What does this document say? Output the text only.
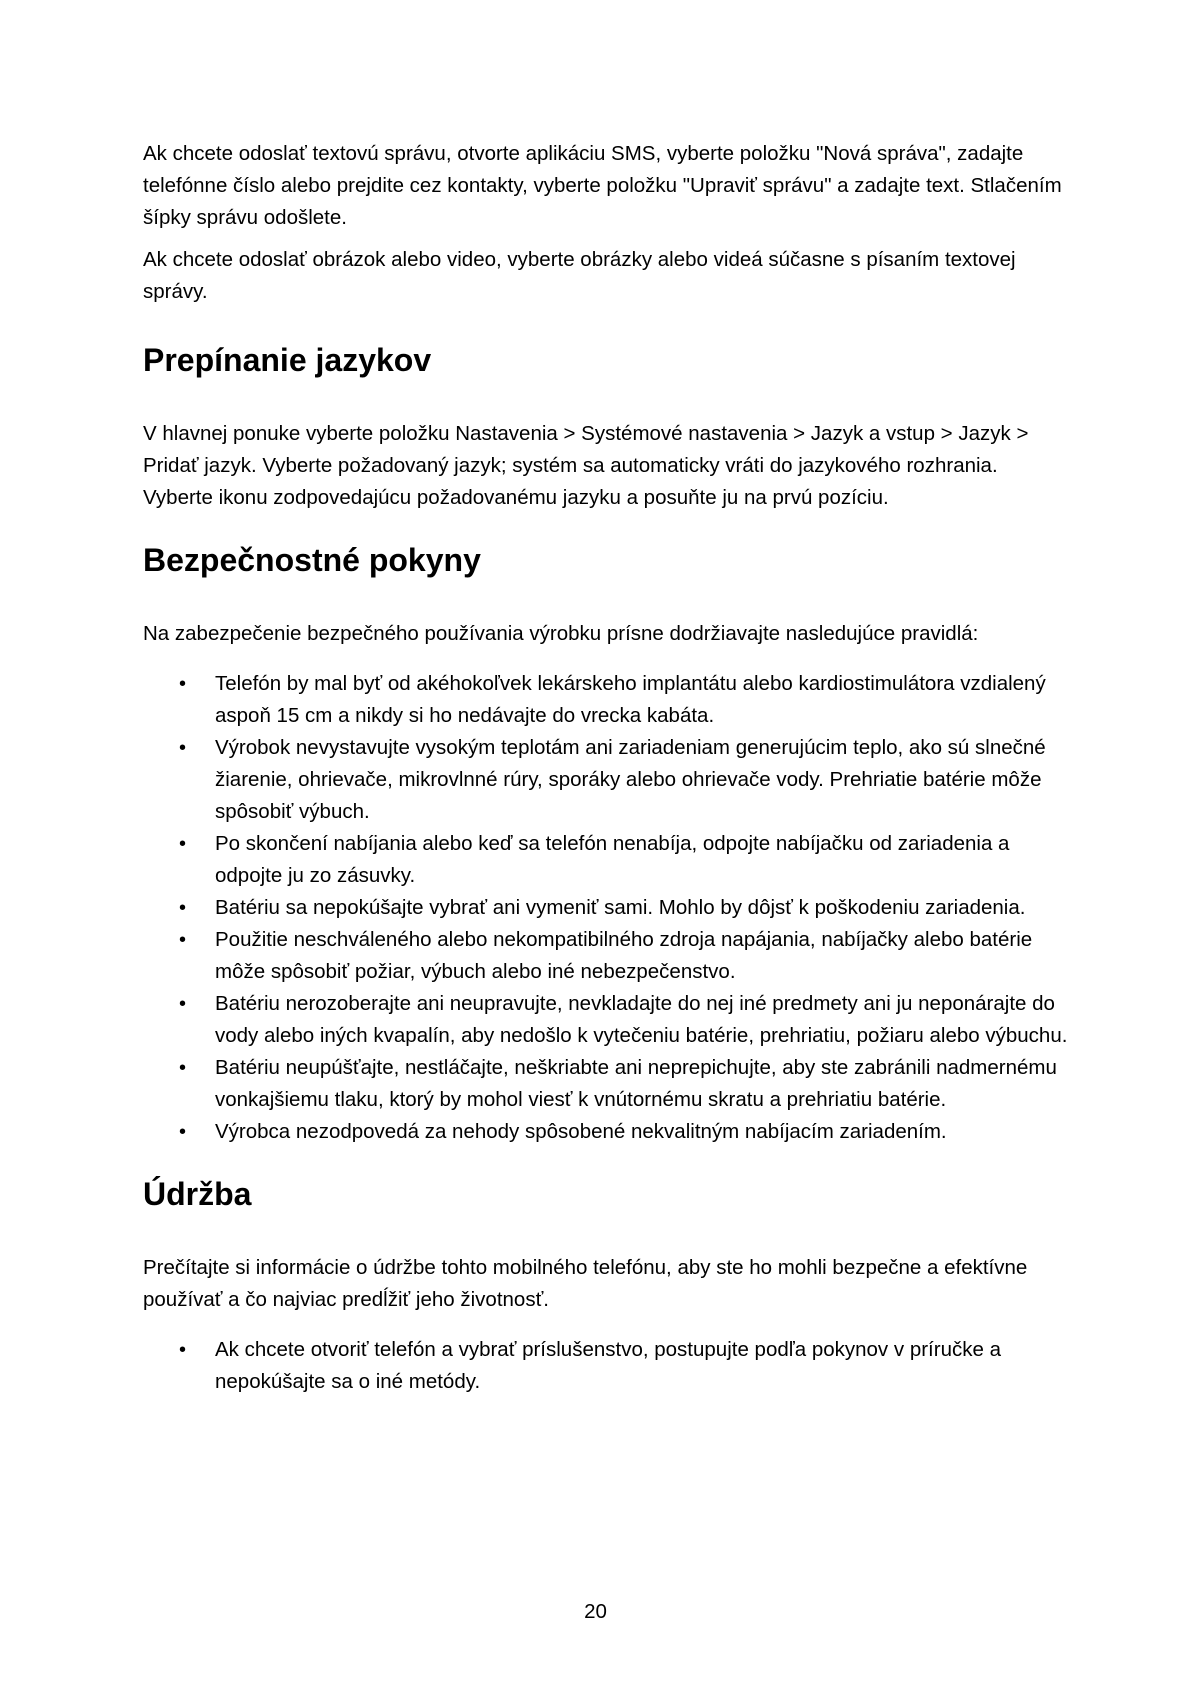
Ak chcete odoslať textovú správu, otvorte aplikáciu SMS, vyberte položku "Nová správa", zadajte telefónne číslo alebo prejdite cez kontakty, vyberte položku "Upraviť správu" a zadajte text. Stlačením šípky správu odošlete.

Ak chcete odoslať obrázok alebo video, vyberte obrázky alebo videá súčasne s písaním textovej správy.

Prepínanie jazykov

V hlavnej ponuke vyberte položku Nastavenia > Systémové nastavenia > Jazyk a vstup > Jazyk > Pridať jazyk. Vyberte požadovaný jazyk; systém sa automaticky vráti do jazykového rozhrania. Vyberte ikonu zodpovedajúcu požadovanému jazyku a posuňte ju na prvú pozíciu.

Bezpečnostné pokyny

Na zabezpečenie bezpečného používania výrobku prísne dodržiavajte nasledujúce pravidlá:

• Telefón by mal byť od akéhokoľvek lekárskeho implantátu alebo kardiostimulátora vzdialený aspoň 15 cm a nikdy si ho nedávajte do vrecka kabáta.
• Výrobok nevystavujte vysokým teplotám ani zariadeniam generujúcim teplo, ako sú slnečné žiarenie, ohrievače, mikrovlnné rúry, sporáky alebo ohrievače vody. Prehriatie batérie môže spôsobiť výbuch.
• Po skončení nabíjania alebo keď sa telefón nenabíja, odpojte nabíjačku od zariadenia a odpojte ju zo zásuvky.
• Batériu sa nepokúšajte vybrať ani vymeniť sami. Mohlo by dôjsť k poškodeniu zariadenia.
• Použitie neschváleného alebo nekompatibilného zdroja napájania, nabíjačky alebo batérie môže spôsobiť požiar, výbuch alebo iné nebezpečenstvo.
• Batériu nerozoberajte ani neupravujte, nevkladajte do nej iné predmety ani ju neponárajte do vody alebo iných kvapalín, aby nedošlo k vytečeniu batérie, prehriatiu, požiaru alebo výbuchu.
• Batériu neupúšťajte, nestláčajte, neškriabte ani neprepichujte, aby ste zabránili nadmernému vonkajšiemu tlaku, ktorý by mohol viesť k vnútornému skratu a prehriatiu batérie.
• Výrobca nezodpovedá za nehody spôsobené nekvalitným nabíjacím zariadením.
Údržba

Prečítajte si informácie o údržbe tohto mobilného telefónu, aby ste ho mohli bezpečne a efektívne používať a čo najviac predĺžiť jeho životnosť.

• Ak chcete otvoriť telefón a vybrať príslušenstvo, postupujte podľa pokynov v príručke a nepokúšajte sa o iné metódy.
20
